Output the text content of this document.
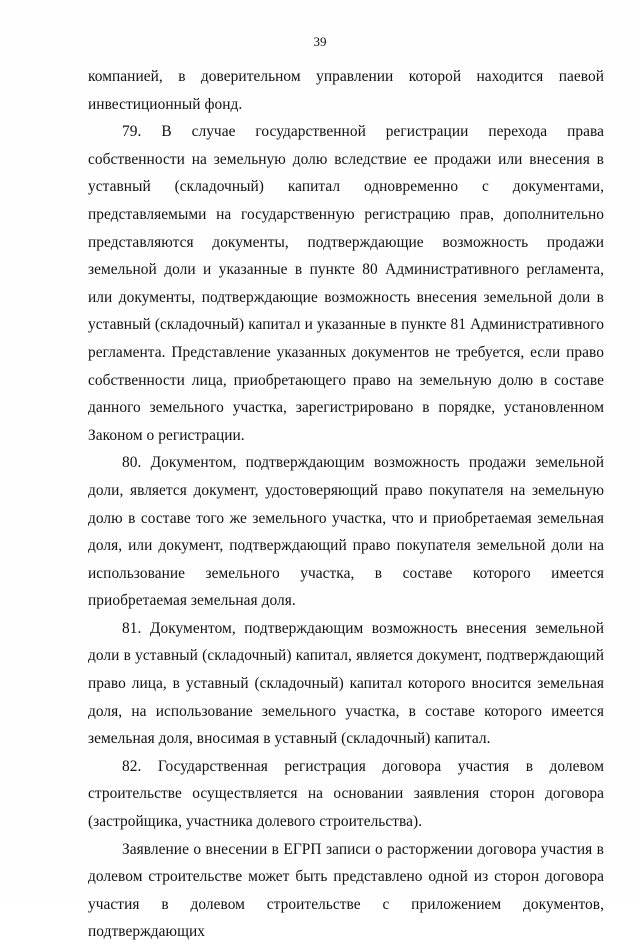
39

компанией, в доверительном управлении которой находится паевой инвестиционный фонд.

79. В случае государственной регистрации перехода права собственности на земельную долю вследствие ее продажи или внесения в уставный (складочный) капитал одновременно с документами, представляемыми на государственную регистрацию прав, дополнительно представляются документы, подтверждающие возможность продажи земельной доли и указанные в пункте 80 Административного регламента, или документы, подтверждающие возможность внесения земельной доли в уставный (складочный) капитал и указанные в пункте 81 Административного регламента. Представление указанных документов не требуется, если право собственности лица, приобретающего право на земельную долю в составе данного земельного участка, зарегистрировано в порядке, установленном Законом о регистрации.

80. Документом, подтверждающим возможность продажи земельной доли, является документ, удостоверяющий право покупателя на земельную долю в составе того же земельного участка, что и приобретаемая земельная доля, или документ, подтверждающий право покупателя земельной доли на использование земельного участка, в составе которого имеется приобретаемая земельная доля.

81. Документом, подтверждающим возможность внесения земельной доли в уставный (складочный) капитал, является документ, подтверждающий право лица, в уставный (складочный) капитал которого вносится земельная доля, на использование земельного участка, в составе которого имеется земельная доля, вносимая в уставный (складочный) капитал.

82. Государственная регистрация договора участия в долевом строительстве осуществляется на основании заявления сторон договора (застройщика, участника долевого строительства).

Заявление о внесении в ЕГРП записи о расторжении договора участия в долевом строительстве может быть представлено одной из сторон договора участия в долевом строительстве с приложением документов, подтверждающих
